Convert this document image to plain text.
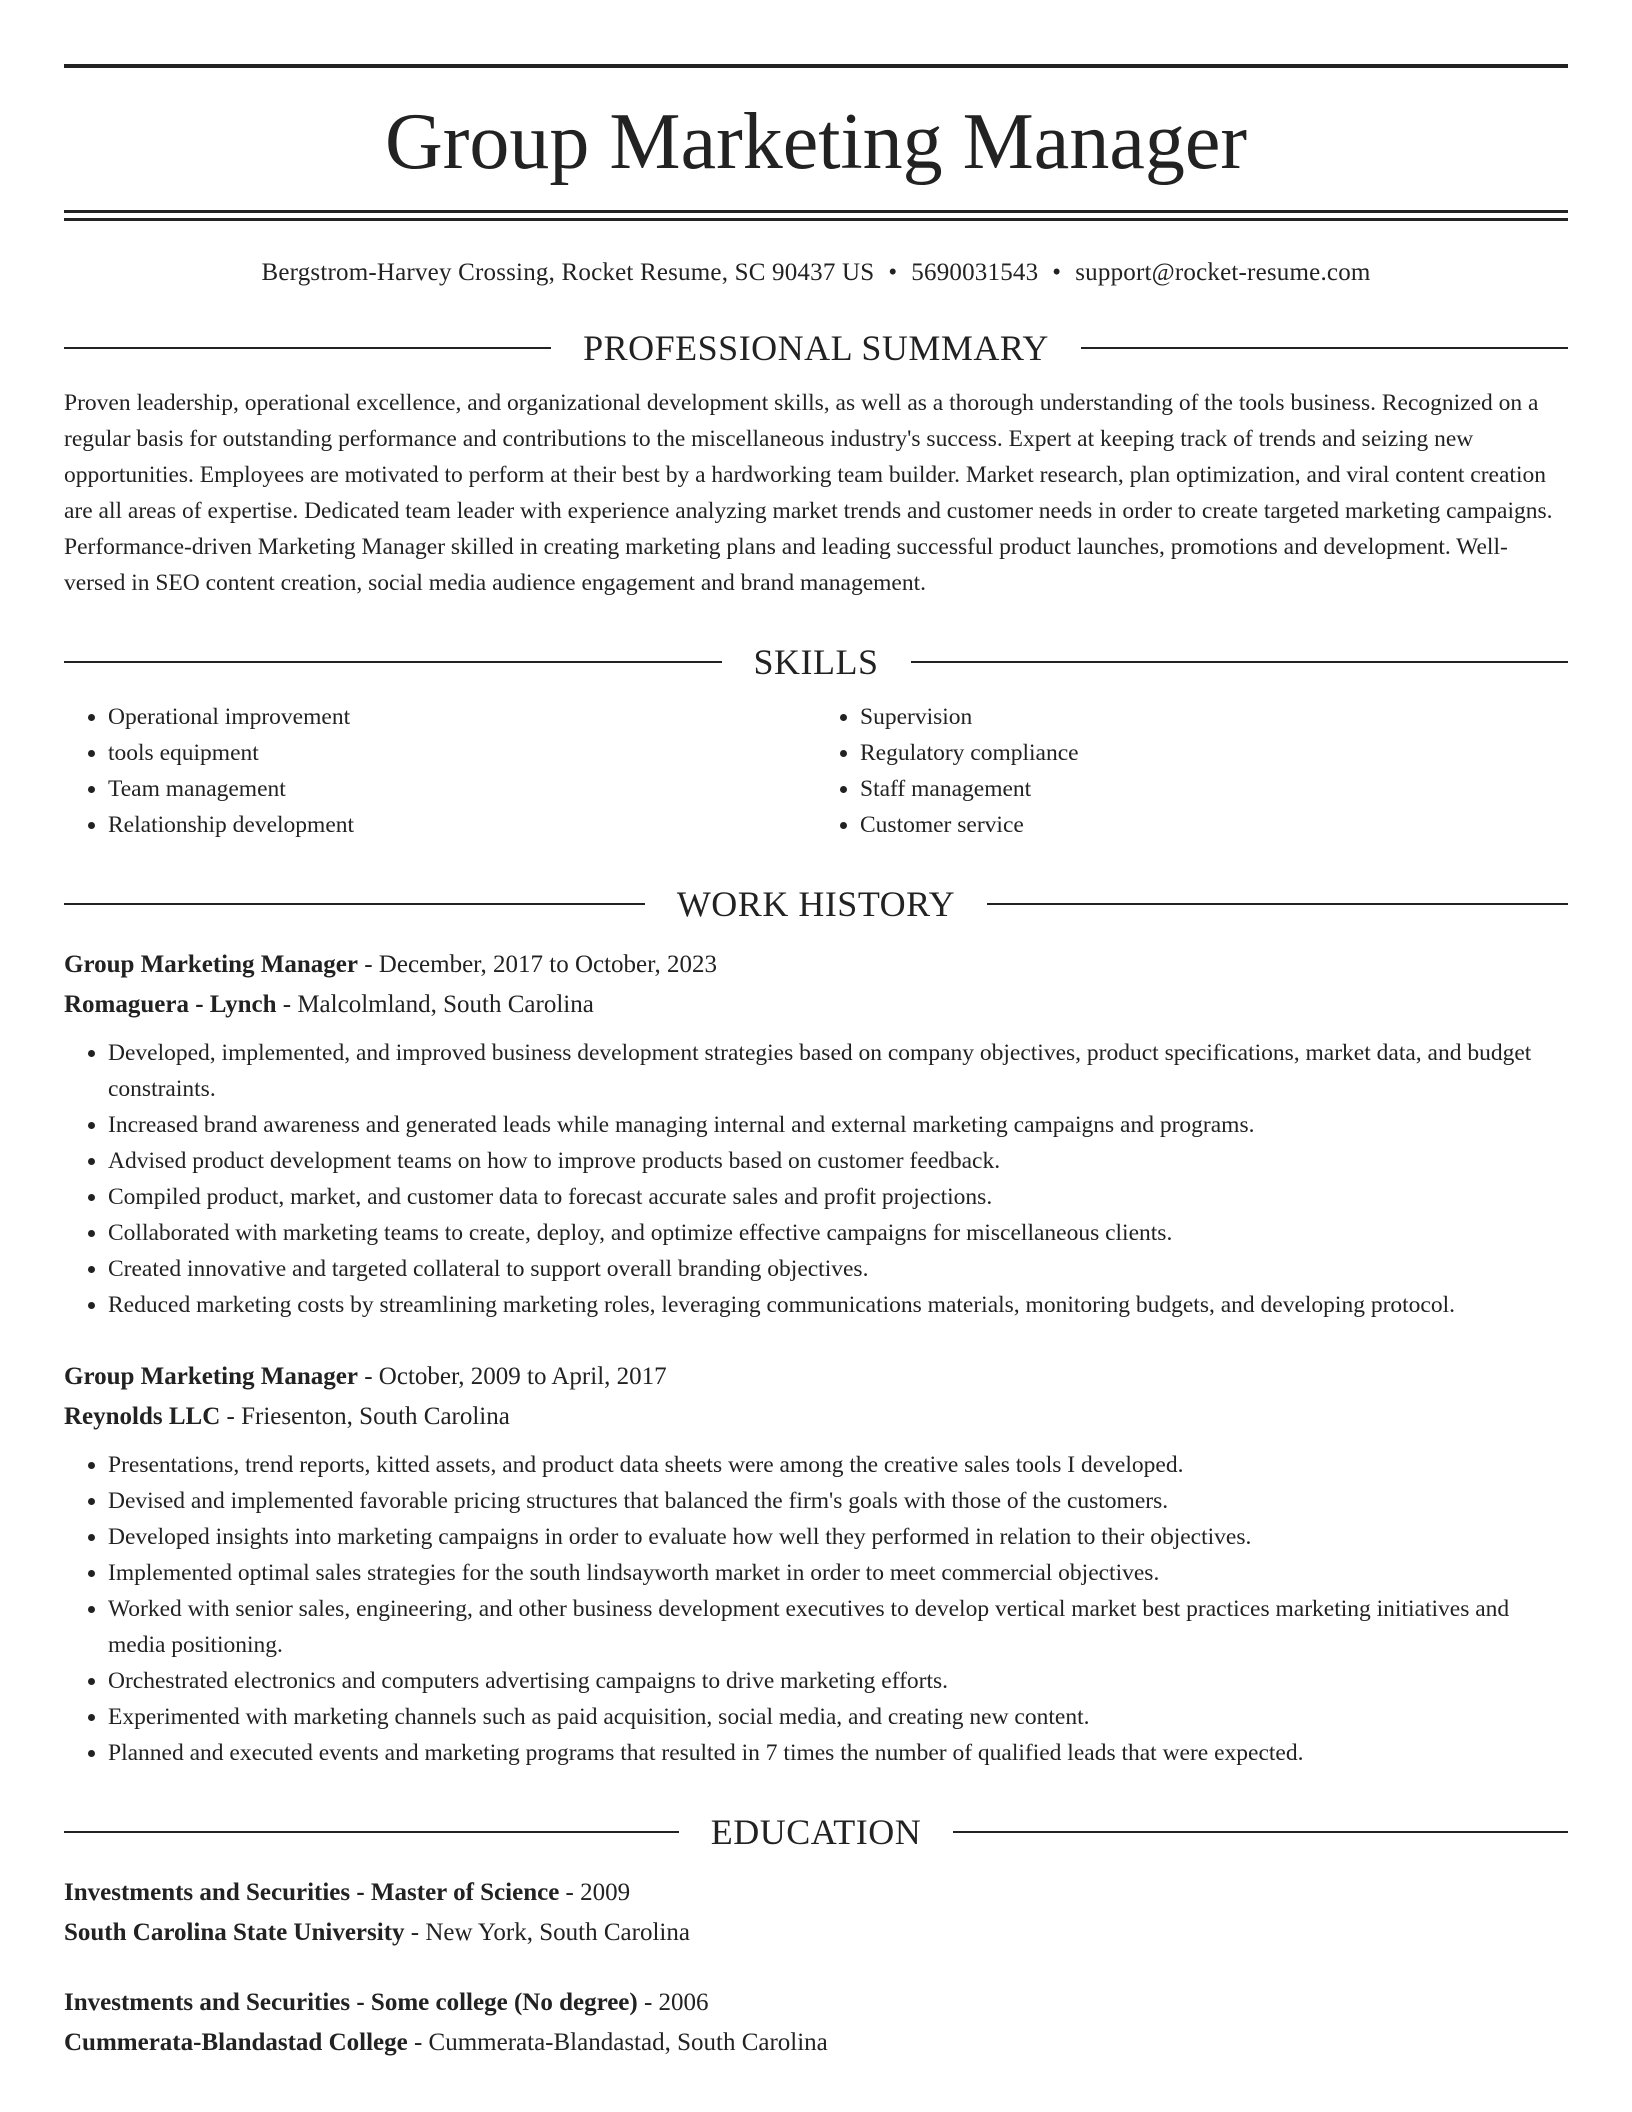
Group Marketing Manager
Bergstrom-Harvey Crossing, Rocket Resume, SC 90437 US • 5690031543 • support@rocket-resume.com
PROFESSIONAL SUMMARY
Proven leadership, operational excellence, and organizational development skills, as well as a thorough understanding of the tools business. Recognized on a regular basis for outstanding performance and contributions to the miscellaneous industry's success. Expert at keeping track of trends and seizing new opportunities. Employees are motivated to perform at their best by a hardworking team builder. Market research, plan optimization, and viral content creation are all areas of expertise. Dedicated team leader with experience analyzing market trends and customer needs in order to create targeted marketing campaigns. Performance-driven Marketing Manager skilled in creating marketing plans and leading successful product launches, promotions and development. Well-versed in SEO content creation, social media audience engagement and brand management.
SKILLS
• Operational improvement
• tools equipment
• Team management
• Relationship development
• Supervision
• Regulatory compliance
• Staff management
• Customer service
WORK HISTORY
Group Marketing Manager - December, 2017 to October, 2023
Romaguera - Lynch - Malcolmland, South Carolina
• Developed, implemented, and improved business development strategies based on company objectives, product specifications, market data, and budget constraints.
• Increased brand awareness and generated leads while managing internal and external marketing campaigns and programs.
• Advised product development teams on how to improve products based on customer feedback.
• Compiled product, market, and customer data to forecast accurate sales and profit projections.
• Collaborated with marketing teams to create, deploy, and optimize effective campaigns for miscellaneous clients.
• Created innovative and targeted collateral to support overall branding objectives.
• Reduced marketing costs by streamlining marketing roles, leveraging communications materials, monitoring budgets, and developing protocol.
Group Marketing Manager - October, 2009 to April, 2017
Reynolds LLC - Friesenton, South Carolina
• Presentations, trend reports, kitted assets, and product data sheets were among the creative sales tools I developed.
• Devised and implemented favorable pricing structures that balanced the firm's goals with those of the customers.
• Developed insights into marketing campaigns in order to evaluate how well they performed in relation to their objectives.
• Implemented optimal sales strategies for the south lindsayworth market in order to meet commercial objectives.
• Worked with senior sales, engineering, and other business development executives to develop vertical market best practices marketing initiatives and media positioning.
• Orchestrated electronics and computers advertising campaigns to drive marketing efforts.
• Experimented with marketing channels such as paid acquisition, social media, and creating new content.
• Planned and executed events and marketing programs that resulted in 7 times the number of qualified leads that were expected.
EDUCATION
Investments and Securities - Master of Science - 2009
South Carolina State University - New York, South Carolina
Investments and Securities - Some college (No degree) - 2006
Cummerata-Blandastad College - Cummerata-Blandastad, South Carolina
